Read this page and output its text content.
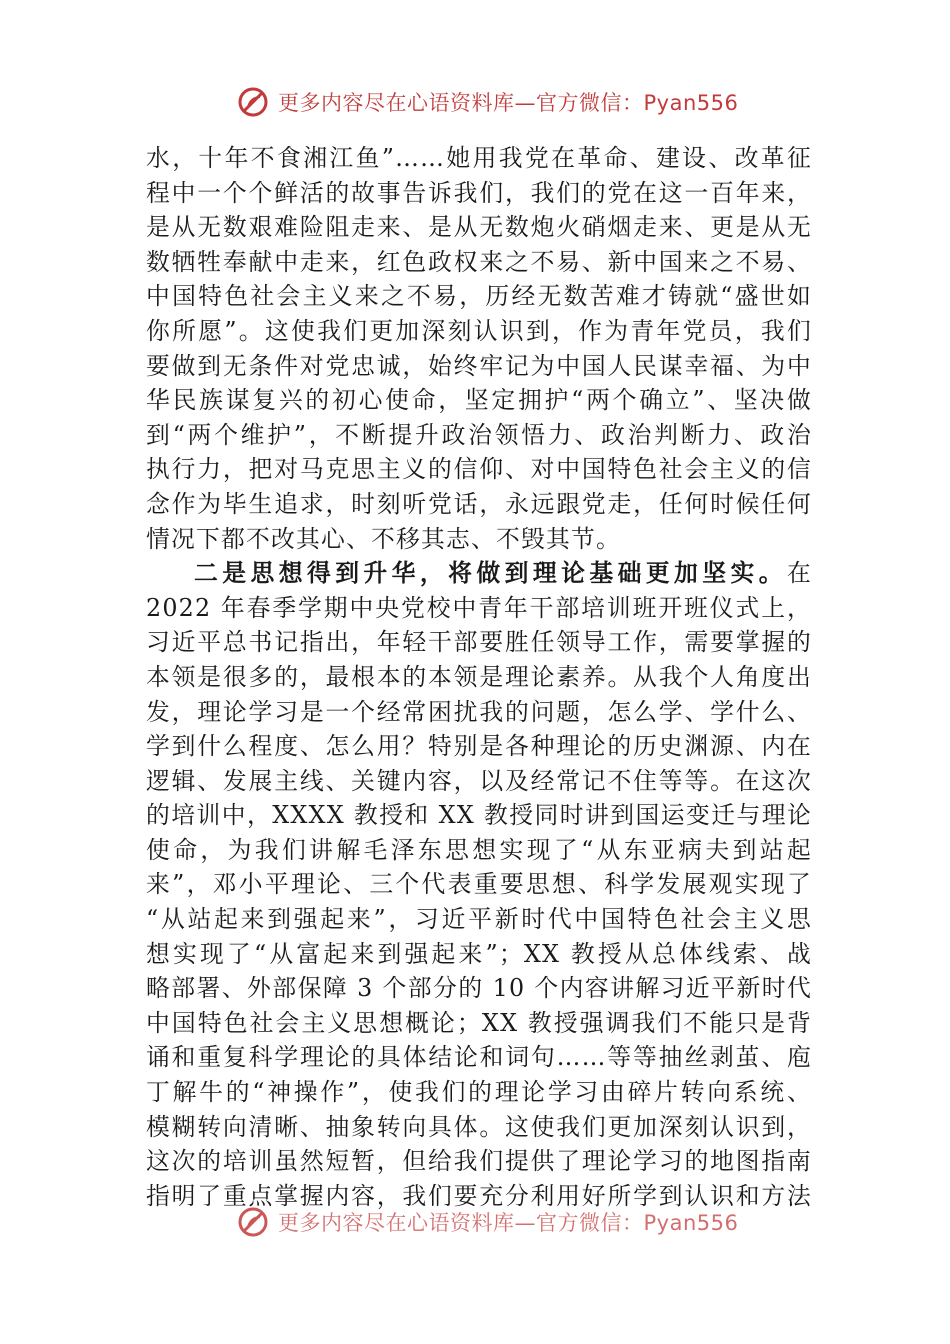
更多内容尽在心语资料库—官方微信：Pyan556
水，十年不食湘江鱼”……她用我党在革命、建设、改革征
程中一个个鲜活的故事告诉我们，我们的党在这一百年来，
是从无数艰难险阻走来、是从无数炮火硝烟走来、更是从无
数牺牲奉献中走来，红色政权来之不易、新中国来之不易、
中国特色社会主义来之不易，历经无数苦难才铸就“盛世如
你所愿”。这使我们更加深刻认识到，作为青年党员，我们
要做到无条件对党忠诚，始终牢记为中国人民谋幸福、为中
华民族谋复兴的初心使命，坚定拥护“两个确立”、坚决做
到“两个维护”，不断提升政治领悟力、政治判断力、政治
执行力，把对马克思主义的信仰、对中国特色社会主义的信
念作为毕生追求，时刻听党话，永远跟党走，任何时候任何
情况下都不改其心、不移其志、不毁其节。
二是思想得到升华，将做到理论基础更加坚实。在
2022 年春季学期中央党校中青年干部培训班开班仪式上，
习近平总书记指出，年轻干部要胜任领导工作，需要掌握的
本领是很多的，最根本的本领是理论素养。从我个人角度出
发，理论学习是一个经常困扰我的问题，怎么学、学什么、
学到什么程度、怎么用？特别是各种理论的历史渊源、内在
逻辑、发展主线、关键内容，以及经常记不住等等。在这次
的培训中，XXXX 教授和 XX 教授同时讲到国运变迁与理论
使命，为我们讲解毛泽东思想实现了“从东亚病夫到站起
来”，邓小平理论、三个代表重要思想、科学发展观实现了
“从站起来到强起来”，习近平新时代中国特色社会主义思
想实现了“从富起来到强起来”；XX 教授从总体线索、战
略部署、外部保障 3 个部分的 10 个内容讲解习近平新时代
中国特色社会主义思想概论；XX 教授强调我们不能只是背
诵和重复科学理论的具体结论和词句……等等抽丝剥茧、庖
丁解牛的“神操作”，使我们的理论学习由碎片转向系统、
模糊转向清晰、抽象转向具体。这使我们更加深刻认识到，
这次的培训虽然短暂，但给我们提供了理论学习的地图指南
指明了重点掌握内容，我们要充分利用好所学到认识和方法
更多内容尽在心语资料库—官方微信：Pyan556
